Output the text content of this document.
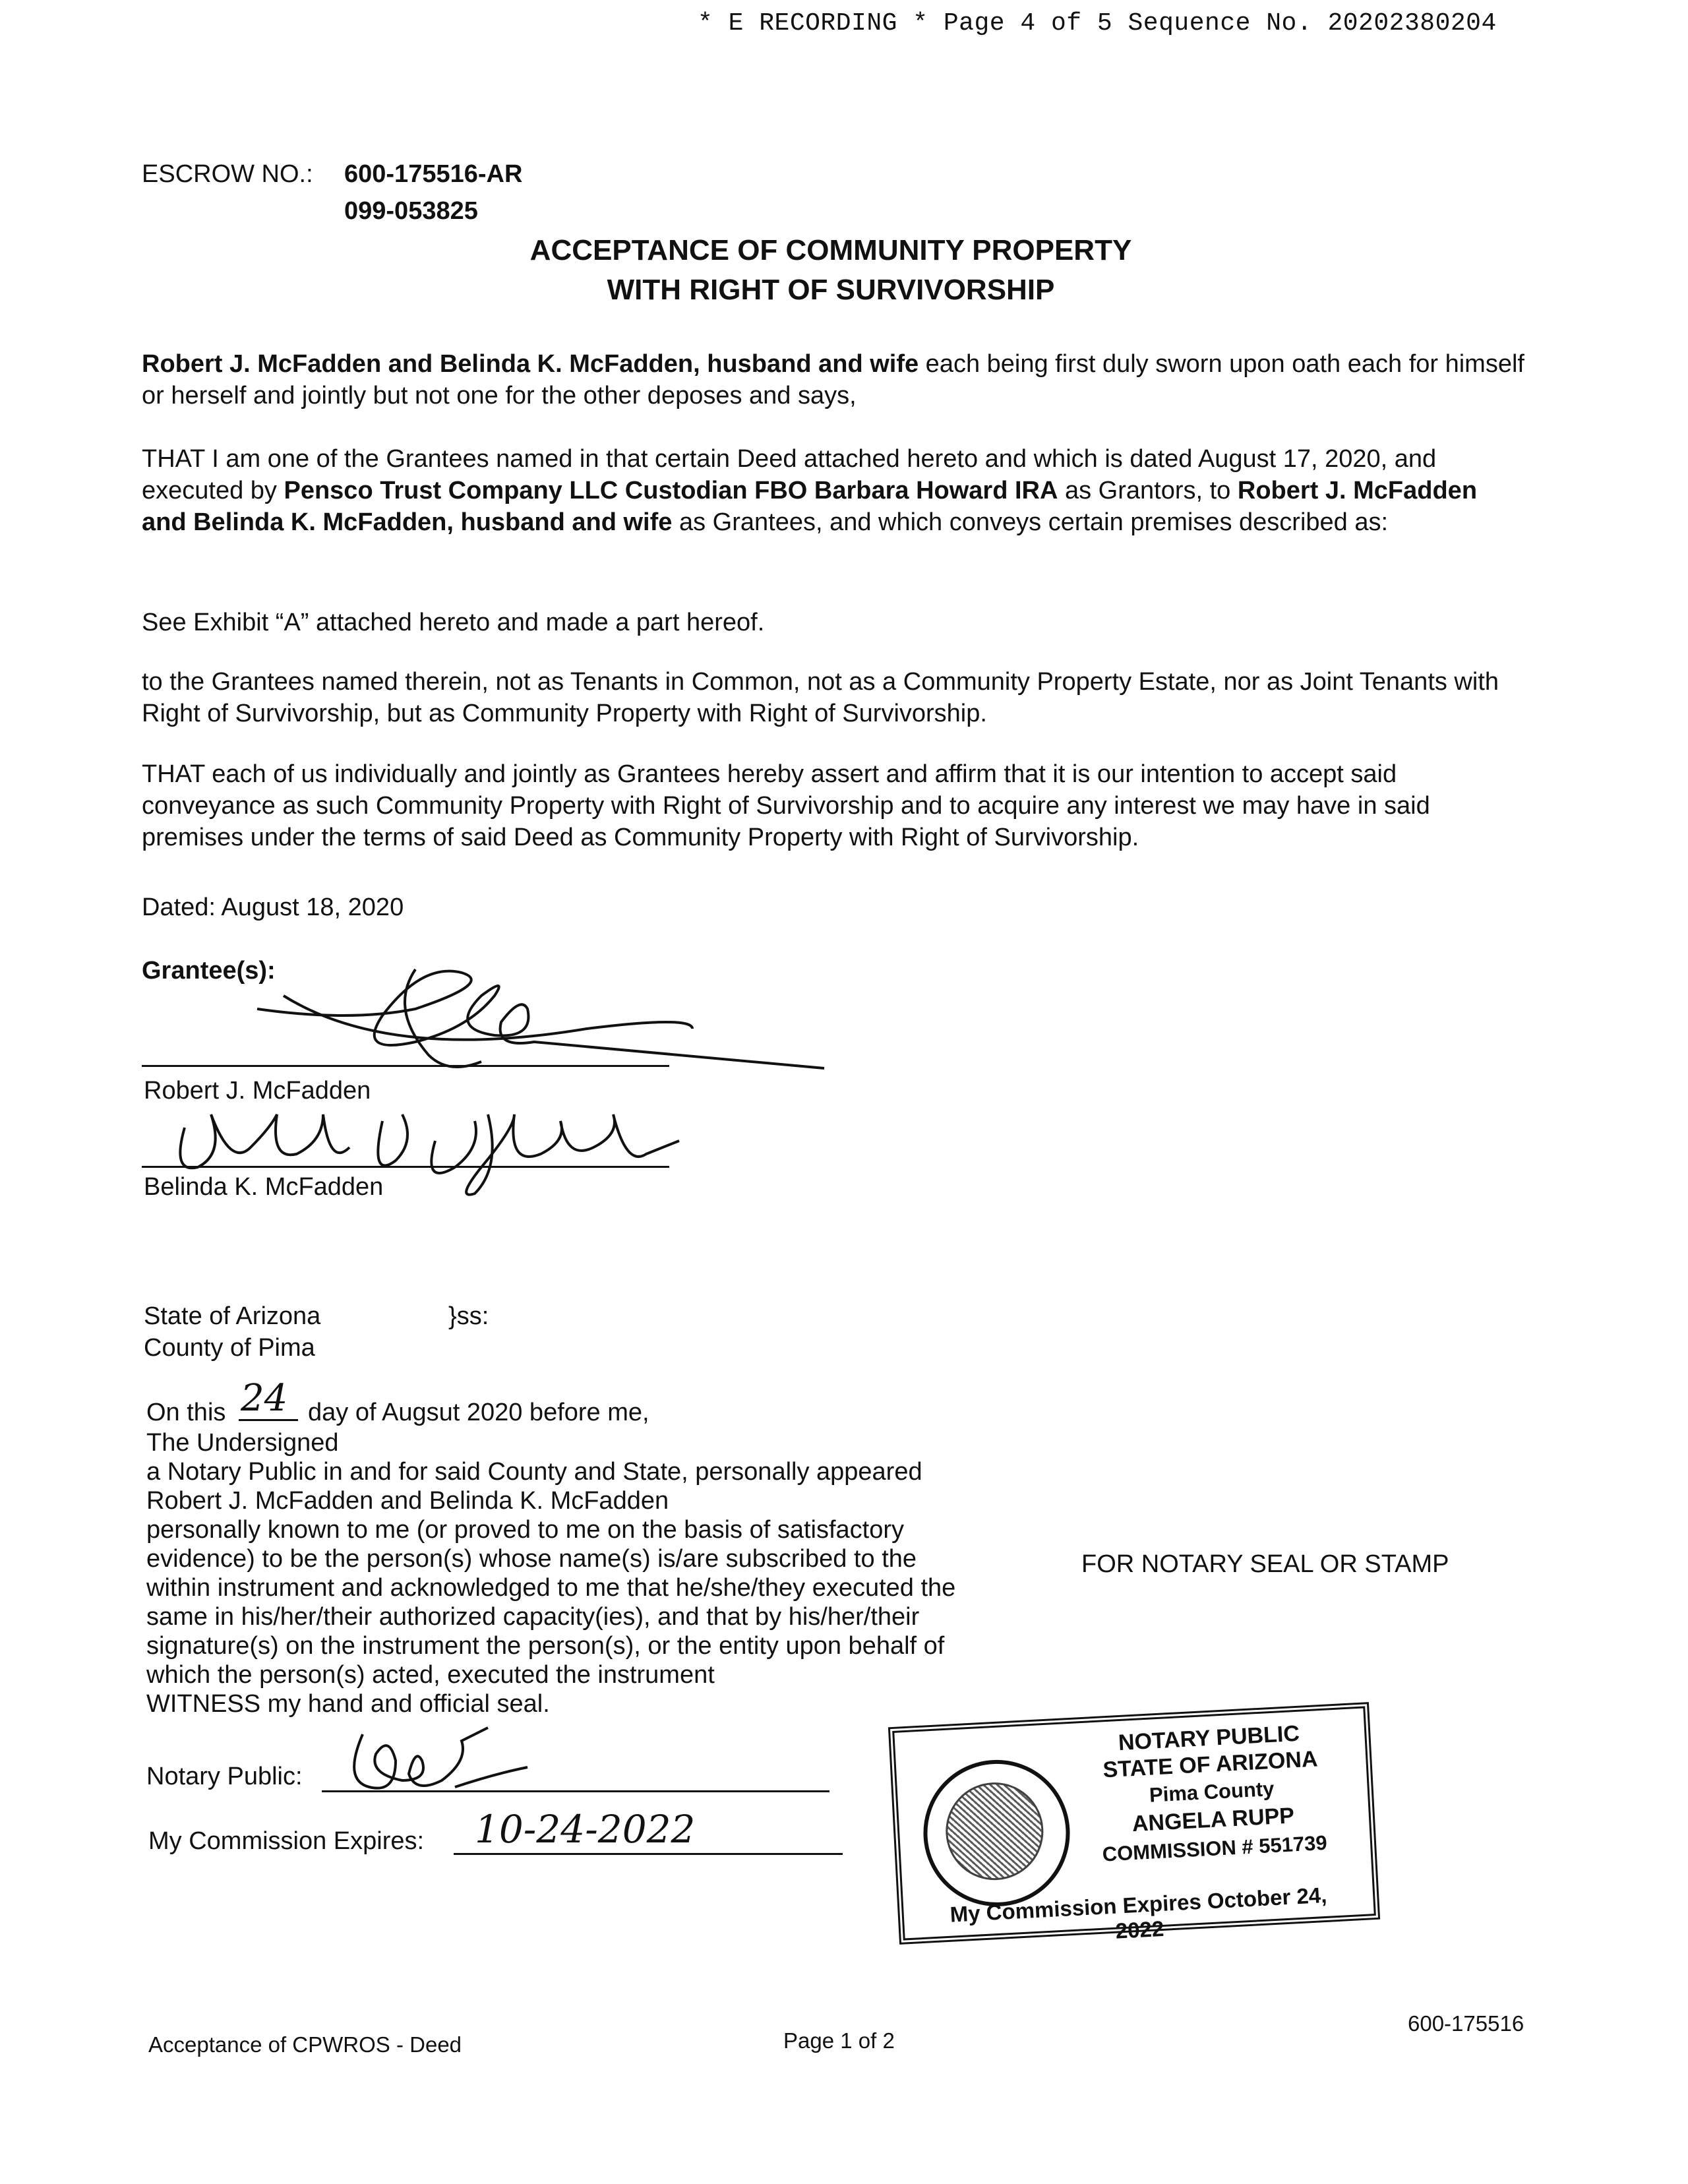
* E RECORDING * Page 4 of 5 Sequence No. 20202380204
ESCROW NO.: 600-175516-AR
099-053825
ACCEPTANCE OF COMMUNITY PROPERTY
WITH RIGHT OF SURVIVORSHIP
Robert J. McFadden and Belinda K. McFadden, husband and wife each being first duly sworn upon oath each for himself or herself and jointly but not one for the other deposes and says,
THAT I am one of the Grantees named in that certain Deed attached hereto and which is dated August 17, 2020, and executed by Pensco Trust Company LLC Custodian FBO Barbara Howard IRA as Grantors, to Robert J. McFadden and Belinda K. McFadden, husband and wife as Grantees, and which conveys certain premises described as:
See Exhibit “A” attached hereto and made a part hereof.
to the Grantees named therein, not as Tenants in Common, not as a Community Property Estate, nor as Joint Tenants with Right of Survivorship, but as Community Property with Right of Survivorship.
THAT each of us individually and jointly as Grantees hereby assert and affirm that it is our intention to accept said conveyance as such Community Property with Right of Survivorship and to acquire any interest we may have in said premises under the terms of said Deed as Community Property with Right of Survivorship.
Dated: August 18, 2020
Grantee(s):
Robert J. McFadden
Belinda K. McFadden
State of Arizona	}ss:
County of Pima
On this 24 day of Augsut 2020 before me,
The Undersigned
a Notary Public in and for said County and State, personally appeared
Robert J. McFadden and Belinda K. McFadden
personally known to me (or proved to me on the basis of satisfactory
evidence) to be the person(s) whose name(s) is/are subscribed to the
within instrument and acknowledged to me that he/she/they executed the
same in his/her/their authorized capacity(ies), and that by his/her/their
signature(s) on the instrument the person(s), or the entity upon behalf of
which the person(s) acted, executed the instrument
WITNESS my hand and official seal.
FOR NOTARY SEAL OR STAMP
Notary Public:
My Commission Expires: 10-24-2022
NOTARY PUBLIC
STATE OF ARIZONA
Pima County
ANGELA RUPP
COMMISSION # 551739
My Commission Expires October 24, 2022
Acceptance of CPWROS - Deed	Page 1 of 2
600-175516
